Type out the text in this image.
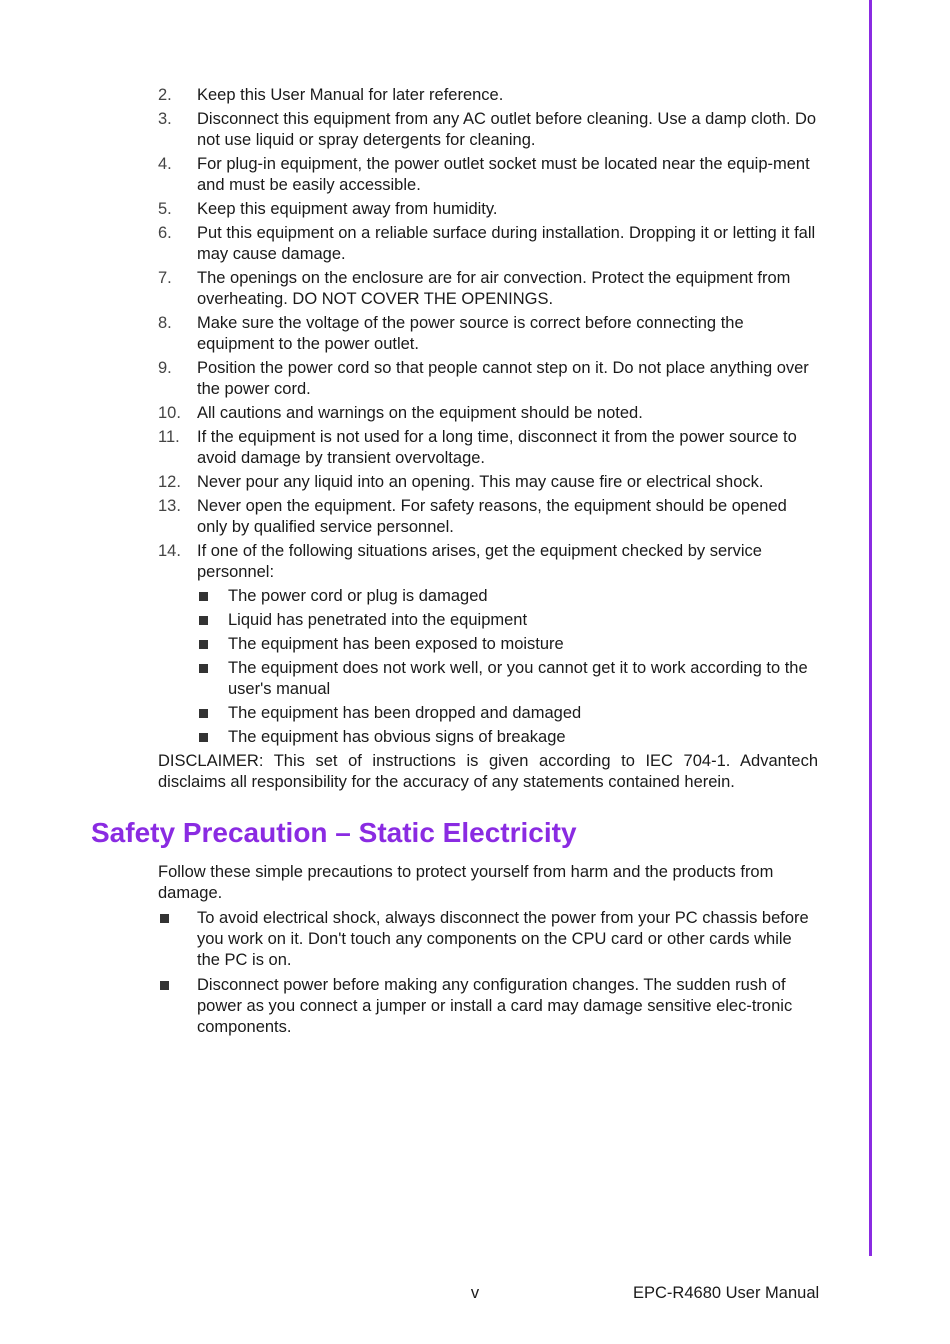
2.	Keep this User Manual for later reference.
3.	Disconnect this equipment from any AC outlet before cleaning. Use a damp cloth. Do not use liquid or spray detergents for cleaning.
4.	For plug-in equipment, the power outlet socket must be located near the equip-ment and must be easily accessible.
5.	Keep this equipment away from humidity.
6.	Put this equipment on a reliable surface during installation. Dropping it or letting it fall may cause damage.
7.	The openings on the enclosure are for air convection. Protect the equipment from overheating. DO NOT COVER THE OPENINGS.
8.	Make sure the voltage of the power source is correct before connecting the equipment to the power outlet.
9.	Position the power cord so that people cannot step on it. Do not place anything over the power cord.
10. All cautions and warnings on the equipment should be noted.
11.	If the equipment is not used for a long time, disconnect it from the power source to avoid damage by transient overvoltage.
12. Never pour any liquid into an opening. This may cause fire or electrical shock.
13. Never open the equipment. For safety reasons, the equipment should be opened only by qualified service personnel.
14. If one of the following situations arises, get the equipment checked by service personnel:
The power cord or plug is damaged
Liquid has penetrated into the equipment
The equipment has been exposed to moisture
The equipment does not work well, or you cannot get it to work according to the user's manual
The equipment has been dropped and damaged
The equipment has obvious signs of breakage

DISCLAIMER: This set of instructions is given according to IEC 704-1. Advantech disclaims all responsibility for the accuracy of any statements contained herein.

Safety Precaution – Static Electricity

Follow these simple precautions to protect yourself from harm and the products from damage.

To avoid electrical shock, always disconnect the power from your PC chassis before you work on it. Don't touch any components on the CPU card or other cards while the PC is on.
Disconnect power before making any configuration changes. The sudden rush of power as you connect a jumper or install a card may damage sensitive elec-tronic components.
v	EPC-R4680 User Manual
